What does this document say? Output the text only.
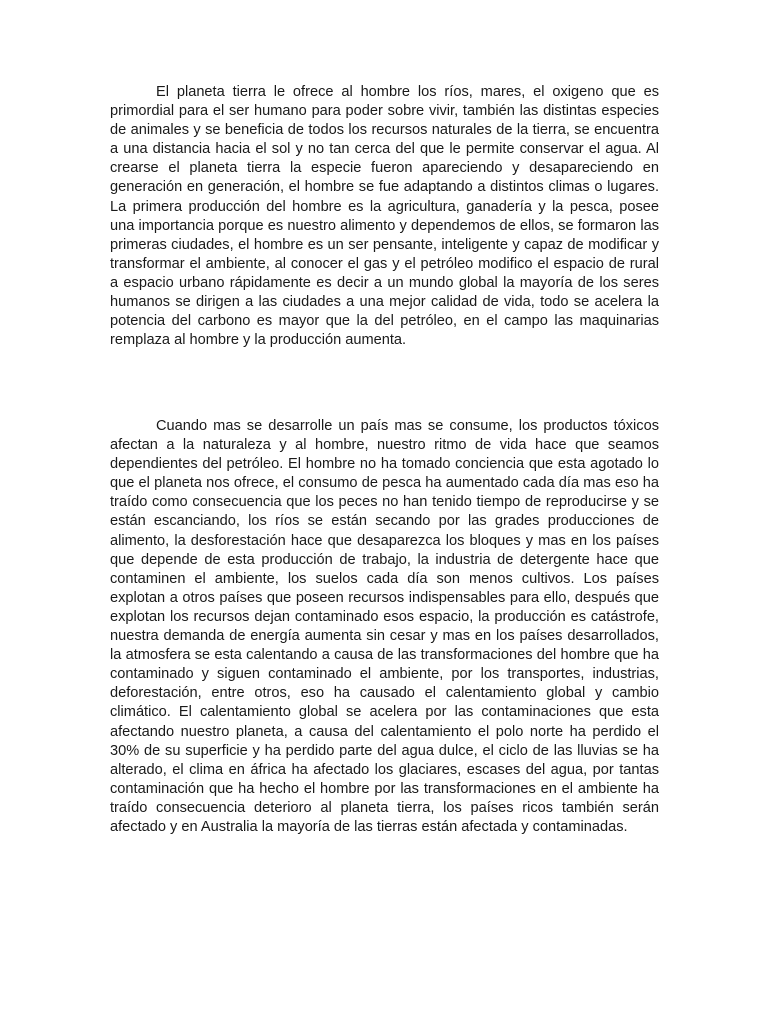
El planeta tierra le ofrece al hombre los ríos, mares, el oxigeno que es primordial para el ser humano para poder sobre vivir, también las distintas especies de animales y se beneficia de todos los recursos naturales de la tierra, se encuentra a una distancia hacia el sol y no tan cerca del que le permite conservar el agua. Al crearse el planeta tierra la especie fueron apareciendo y desapareciendo en generación en generación, el hombre se fue adaptando a distintos climas o lugares. La primera producción del hombre es la agricultura, ganadería y la pesca, posee una importancia porque es nuestro alimento y dependemos de ellos, se formaron las primeras ciudades, el hombre es un ser pensante, inteligente y capaz de modificar y transformar el ambiente, al conocer el gas y el petróleo modifico el espacio de rural a espacio urbano rápidamente es decir a un mundo global la mayoría de los seres humanos se dirigen a las ciudades a una mejor calidad de vida, todo se acelera la potencia del carbono es mayor que la del petróleo, en el campo las maquinarias remplaza al hombre y la producción aumenta.

Cuando mas se desarrolle un país mas se consume, los productos tóxicos afectan a la naturaleza y al hombre, nuestro ritmo de vida hace que seamos dependientes del petróleo. El hombre no ha tomado conciencia que esta agotado lo que el planeta nos ofrece, el consumo de pesca ha aumentado cada día mas eso ha traído como consecuencia que los peces no han tenido tiempo de reproducirse y se están escanciando, los ríos se están secando por las grades producciones de alimento, la desforestación hace que desaparezca los bloques y mas en los países que depende de esta producción de trabajo, la industria de detergente hace que contaminen el ambiente, los suelos cada día son menos cultivos. Los países explotan a otros países que poseen recursos indispensables para ello, después que explotan los recursos dejan contaminado esos espacio, la producción es catástrofe, nuestra demanda de energía aumenta sin cesar y mas en los países desarrollados, la atmosfera se esta calentando a causa de las transformaciones del hombre que ha contaminado y siguen contaminado el ambiente, por los transportes, industrias, deforestación, entre otros, eso ha causado el calentamiento global y cambio climático. El calentamiento global se acelera por las contaminaciones que esta afectando nuestro planeta, a causa del calentamiento el polo norte ha perdido el 30% de su superficie y ha perdido parte del agua dulce, el ciclo de las lluvias se ha alterado, el clima en áfrica ha afectado los glaciares, escases del agua, por tantas contaminación que ha hecho el hombre por las transformaciones en el ambiente ha traído consecuencia deterioro al planeta tierra, los países ricos también serán afectado y en Australia la mayoría de las tierras están afectada y contaminadas.
